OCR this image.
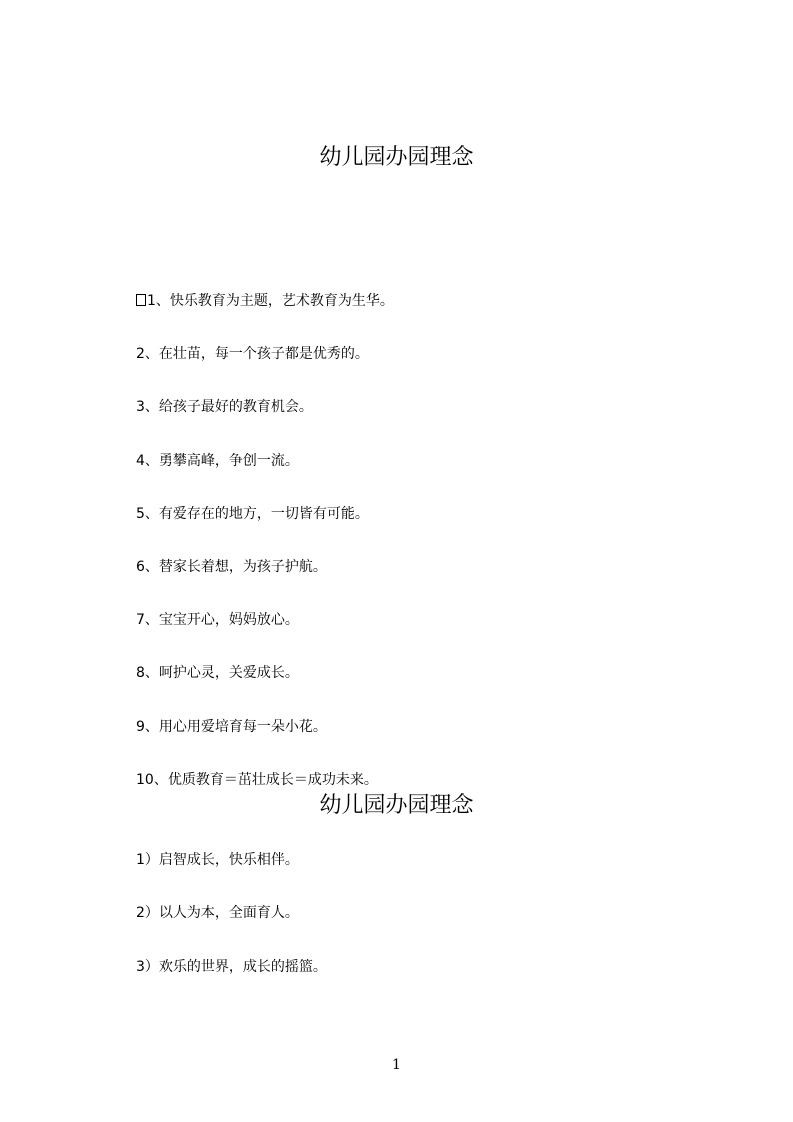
幼儿园办园理念
1、快乐教育为主题，艺术教育为生华。
2、在壮苗，每一个孩子都是优秀的。
3、给孩子最好的教育机会。
4、勇攀高峰，争创一流。
5、有爱存在的地方，一切皆有可能。
6、替家长着想，为孩子护航。
7、宝宝开心，妈妈放心。
8、呵护心灵，关爱成长。
9、用心用爱培育每一朵小花。
10、优质教育＝茁壮成长＝成功未来。
幼儿园办园理念
1）启智成长，快乐相伴。
2）以人为本，全面育人。
3）欢乐的世界，成长的摇篮。
1
